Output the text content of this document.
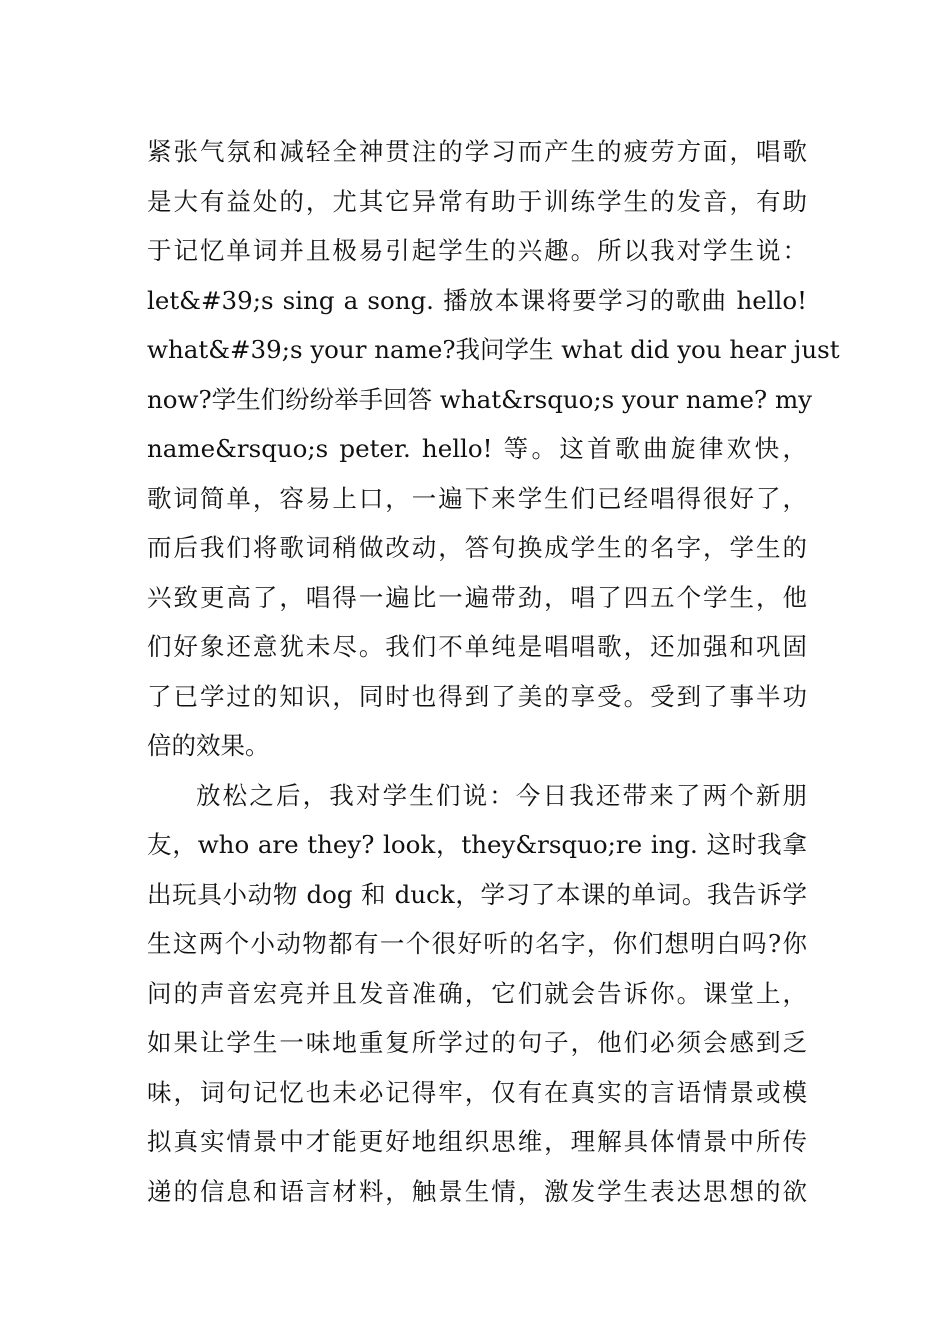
紧张气氛和减轻全神贯注的学习而产生的疲劳方面，唱歌
是大有益处的，尤其它异常有助于训练学生的发音，有助
于记忆单词并且极易引起学生的兴趣。所以我对学生说：
let&#39;s sing a song. 播放本课将要学习的歌曲 hello!
what&#39;s your name?我问学生 what did you hear just
now?学生们纷纷举手回答 what&rsquo;s your name? my
name&rsquo;s peter. hello! 等。这首歌曲旋律欢快，
歌词简单，容易上口，一遍下来学生们已经唱得很好了，
而后我们将歌词稍做改动，答句换成学生的名字，学生的
兴致更高了，唱得一遍比一遍带劲，唱了四五个学生，他
们好象还意犹未尽。我们不单纯是唱唱歌，还加强和巩固
了已学过的知识，同时也得到了美的享受。受到了事半功
倍的效果。
放松之后，我对学生们说：今日我还带来了两个新朋
友，who are they? look，they&rsquo;re ing. 这时我拿
出玩具小动物 dog 和 duck，学习了本课的单词。我告诉学
生这两个小动物都有一个很好听的名字，你们想明白吗?你
问的声音宏亮并且发音准确，它们就会告诉你。课堂上，
如果让学生一味地重复所学过的句子，他们必须会感到乏
味，词句记忆也未必记得牢，仅有在真实的言语情景或模
拟真实情景中才能更好地组织思维，理解具体情景中所传
递的信息和语言材料，触景生情，激发学生表达思想的欲
